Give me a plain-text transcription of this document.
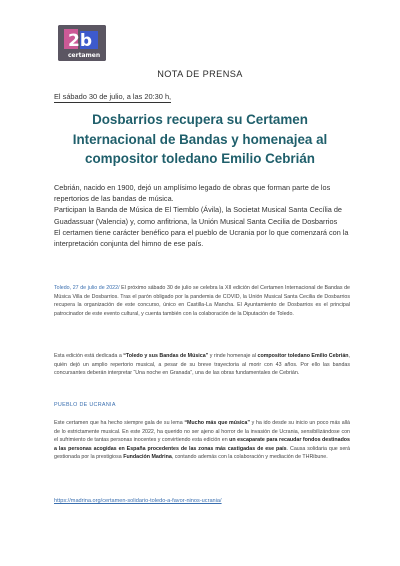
2b
certamen
NOTA DE PRENSA
El sábado 30 de julio, a las 20:30 h,
Dosbarrios recupera su Certamen Internacional de Bandas y homenajea al compositor toledano Emilio Cebrián

Cebrián, nacido en 1900, dejó un amplísimo legado de obras que forman parte de los repertorios de las bandas de música.

Participan la Banda de Música de El Tiemblo (Ávila), la Societat Musical Santa Cecília de Guadassuar (Valencia) y, como anfitriona, la Unión Musical Santa Cecilia de Dosbarrios

El certamen tiene carácter benéfico para el pueblo de Ucrania por lo que comenzará con la interpretación conjunta del himno de ese país.

Toledo, 27 de julio de 2022/ El próximo sábado 30 de julio se celebra la XII edición del Certamen Internacional de Bandas de Música Villa de Dosbarrios. Tras el parón obligado por la pandemia de COVID, la Unión Musical Santa Cecilia de Dosbarrios recupera la organización de este concurso, único en Castilla-La Mancha. El Ayuntamiento de Dosbarrios es el principal patrocinador de este evento cultural, y cuenta también con la colaboración de la Diputación de Toledo.

Esta edición está dedicada a “Toledo y sus Bandas de Música” y rinde homenaje al compositor toledano Emilio Cebrián, quién dejó un amplio repertorio musical, a pesar de su breve trayectoria al morir con 43 años. Por ello las bandas concursantes deberán interpretar “Una noche en Granada”, una de las obras fundamentales de Cebrián.

PUEBLO DE UCRANIA

Este certamen que ha hecho siempre gala de su lema “Mucho más que música” y ha ido desde su inicio un poco más allá de lo estrictamente musical. En este 2022, ha querido no ser ajeno al horror de la invasión de Ucrania, sensibilizándose con el sufrimiento de tantas personas inocentes y convirtiendo esta edición en un escaparate para recaudar fondos destinados a las personas acogidas en España procedentes de las zonas más castigadas de ese país. Causa solidaria que será gestionada por la prestigiosa Fundación Madrina, contando además con la colaboración y mediación de THRibune.

https://madrina.org/certamen-solidario-toledo-a-favor-ninos-ucrania/
